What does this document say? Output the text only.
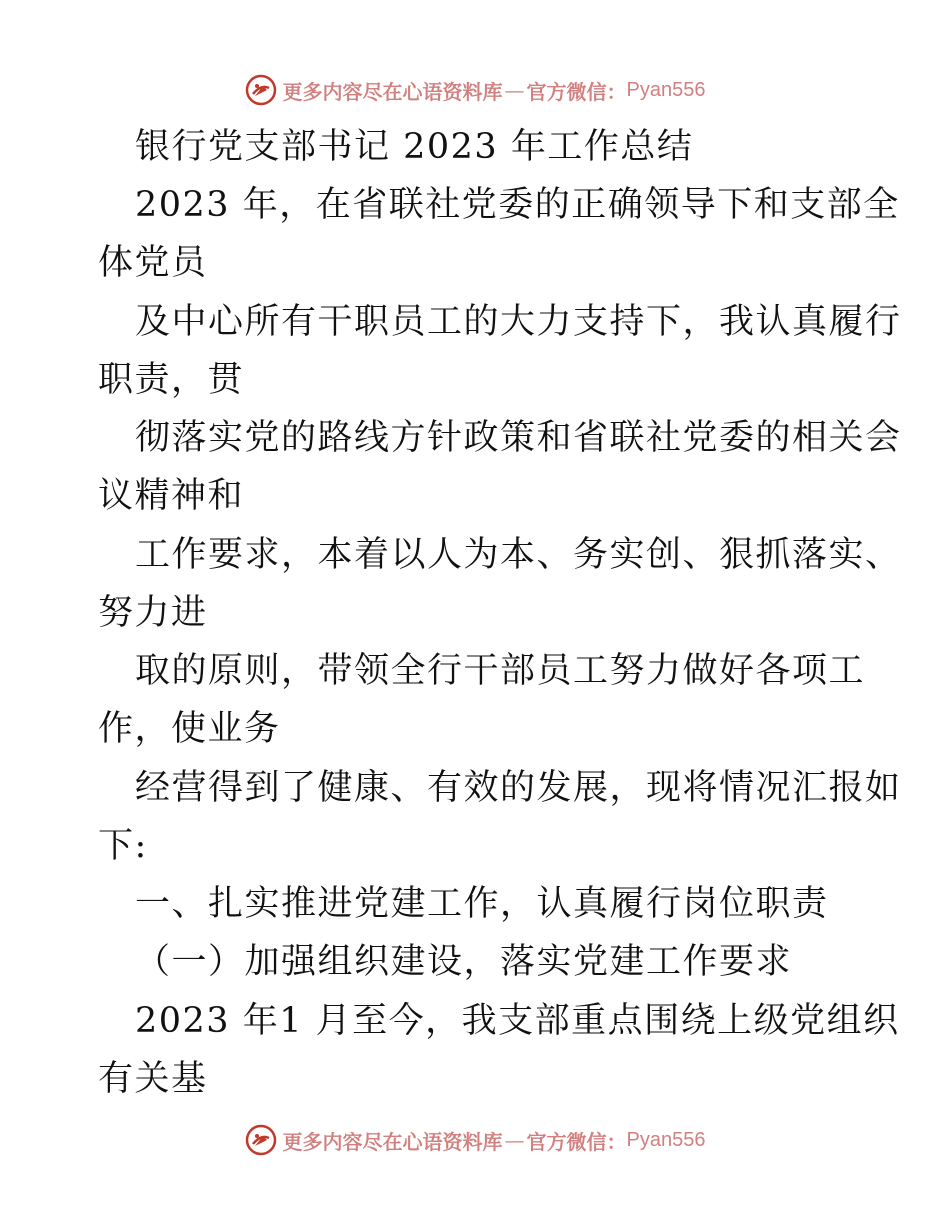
更多内容尽在心语资料库 — 官方微信： Pyan556
银行党支部书记 2023 年工作总结
2023 年，在省联社党委的正确领导下和支部全
体党员
及中心所有干职员工的大力支持下，我认真履行
职责，贯
彻落实党的路线方针政策和省联社党委的相关会
议精神和
工作要求，本着以人为本、务实创、狠抓落实、
努力进
取的原则，带领全行干部员工努力做好各项工
作，使业务
经营得到了健康、有效的发展，现将情况汇报如
下:
一、扎实推进党建工作，认真履行岗位职责
（一）加强组织建设，落实党建工作要求
2023 年1 月至今，我支部重点围绕上级党组织
有关基
更多内容尽在心语资料库 — 官方微信： Pyan556
